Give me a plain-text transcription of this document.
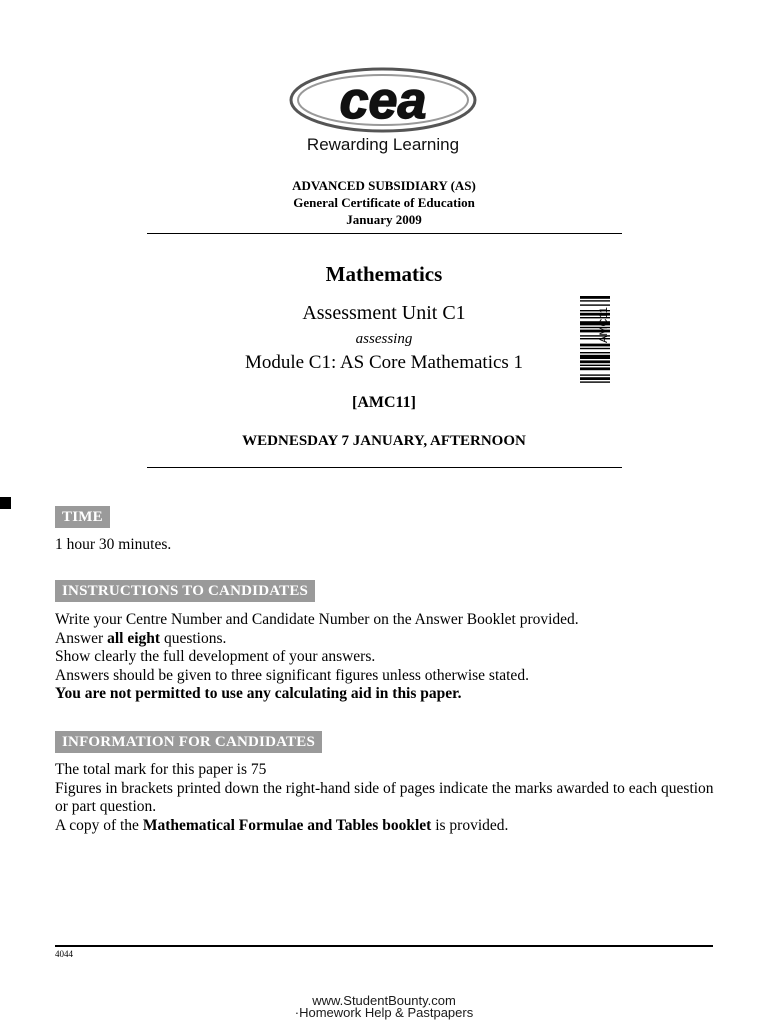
cea
Rewarding Learning
ADVANCED SUBSIDIARY (AS)
General Certificate of Education
January 2009
Mathematics
Assessment Unit C1
assessing
Module C1: AS Core Mathematics 1
[AMC11]
WEDNESDAY 7 JANUARY, AFTERNOON
AMC11
TIME
1 hour 30 minutes.
INSTRUCTIONS TO CANDIDATES
Write your Centre Number and Candidate Number on the Answer Booklet provided.
Answer all eight questions.
Show clearly the full development of your answers.
Answers should be given to three significant figures unless otherwise stated.
You are not permitted to use any calculating aid in this paper.
INFORMATION FOR CANDIDATES
The total mark for this paper is 75
Figures in brackets printed down the right-hand side of pages indicate the marks awarded to each question or part question.
A copy of the Mathematical Formulae and Tables booklet is provided.
4044
www.StudentBounty.com
·Homework Help & Pastpapers
